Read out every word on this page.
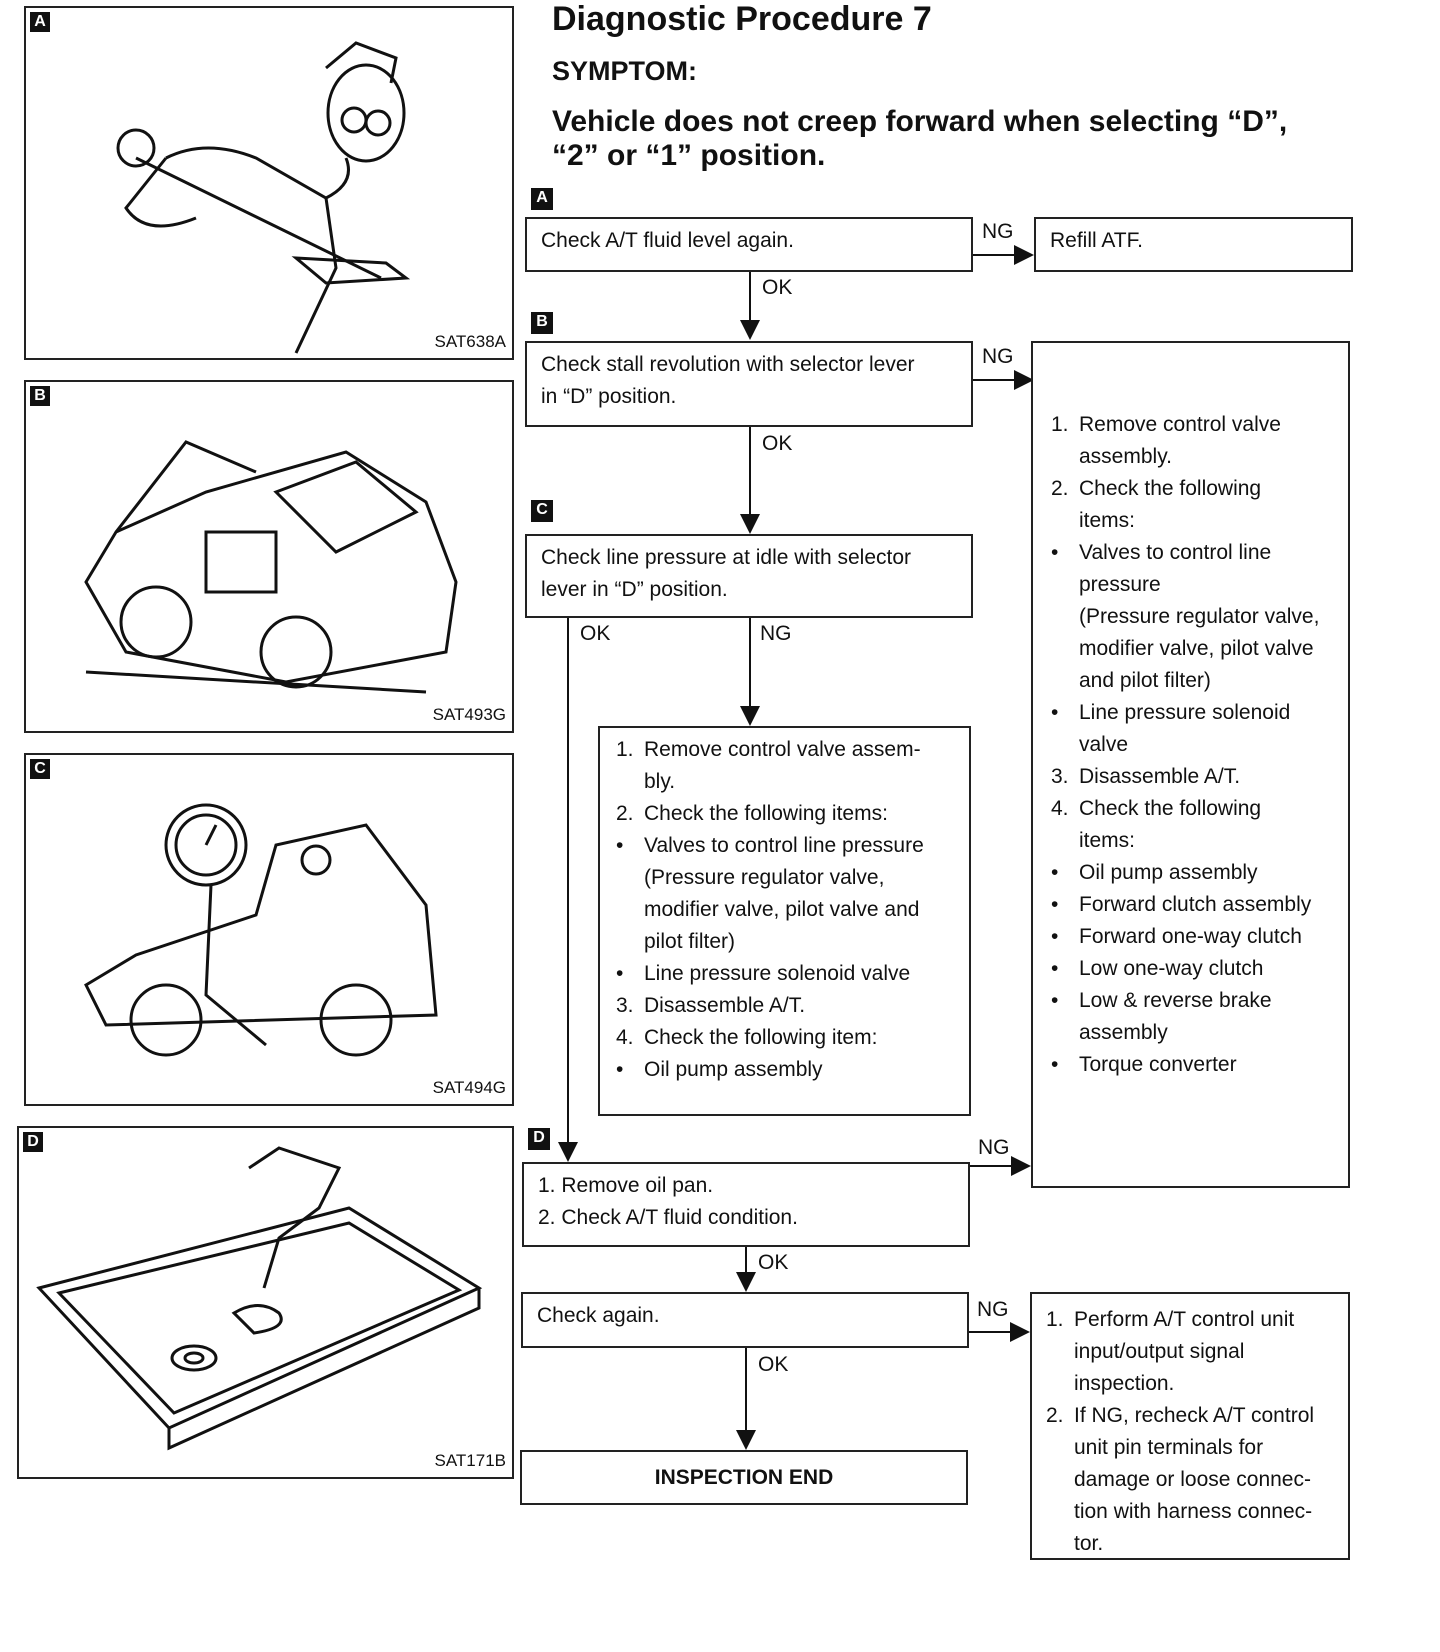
A
SAT638A
B
SAT493G
C
SAT494G
D
SAT171B
Diagnostic Procedure 7
SYMPTOM:
Vehicle does not creep forward when selecting “D”,
“2” or “1” position.
A
B
C
D
Check A/T fluid level again.	Refill ATF.
Check stall revolution with selector lever
in “D” position.
Check line pressure at idle with selector
lever in “D” position.
1. Remove control valve assem-
bly.
2. Check the following items:
• Valves to control line pressure
(Pressure regulator valve,
modifier valve, pilot valve and
pilot filter)
• Line pressure solenoid valve
3. Disassemble A/T.
4. Check the following item:
• Oil pump assembly
1. Remove control valve
assembly.
2. Check the following
items:
• Valves to control line
pressure
(Pressure regulator valve,
modifier valve, pilot valve
and pilot filter)
• Line pressure solenoid
valve
3. Disassemble A/T.
4. Check the following
items:
• Oil pump assembly
• Forward clutch assembly
• Forward one-way clutch
• Low one-way clutch
• Low & reverse brake
assembly
• Torque converter
1. Remove oil pan.
2. Check A/T fluid condition.
Check again.	1. Perform A/T control unit
input/output signal
inspection.
2. If NG, recheck A/T control
unit pin terminals for
damage or loose connec-
tion with harness connec-
tor.
INSPECTION END
NG
OK
NG
OK
OK	NG
NG
OK
NG
OK
